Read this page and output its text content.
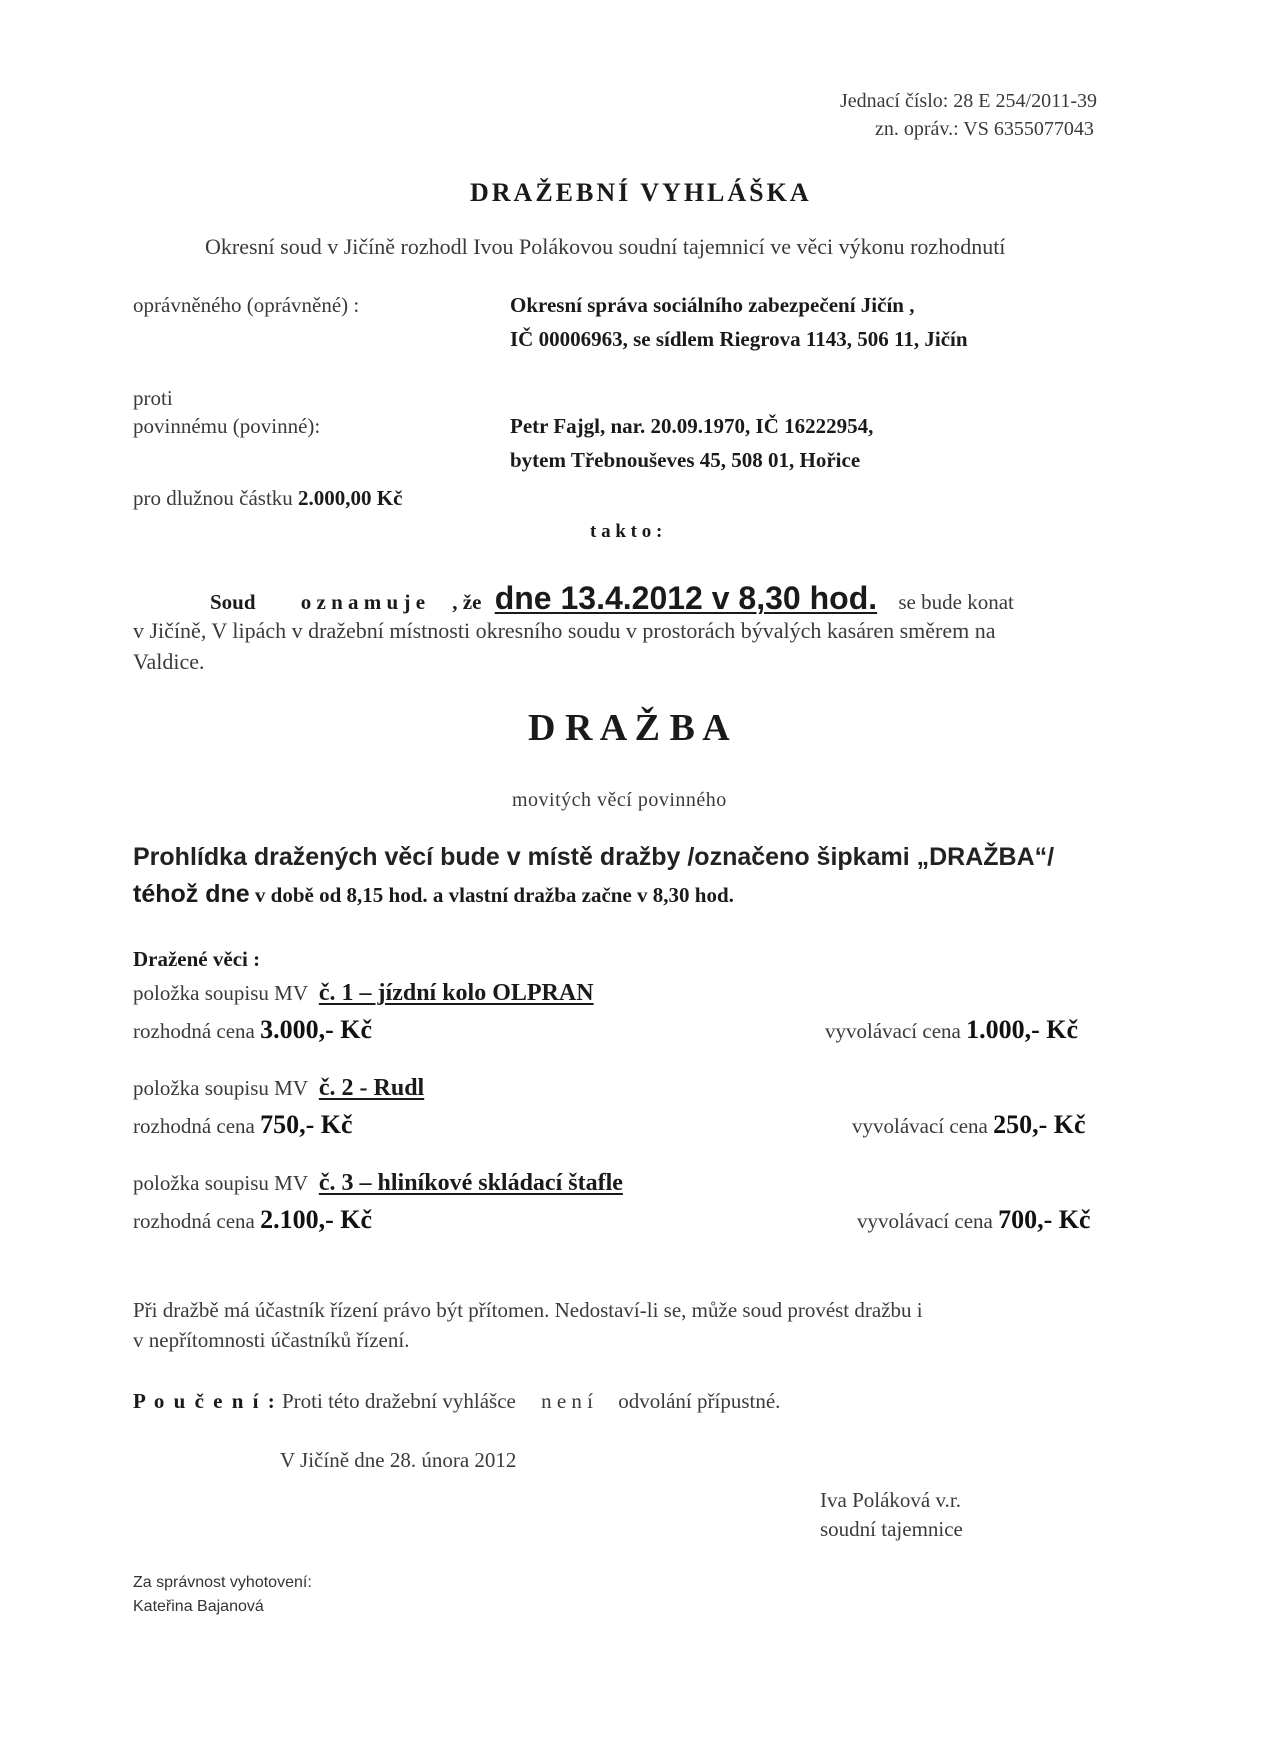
Jednací číslo: 28 E 254/2011-39
zn. opráv.: VS 6355077043
DRAŽEBNÍ VYHLÁŠKA
Okresní soud v Jičíně rozhodl Ivou Polákovou soudní tajemnicí ve věci výkonu rozhodnutí
oprávněného (oprávněné) :	Okresní správa sociálního zabezpečení Jičín ,
IČ 00006963, se sídlem Riegrova 1143, 506 11, Jičín
proti
povinnému (povinné):	Petr Fajgl, nar. 20.09.1970, IČ 16222954,
bytem Třebnouševes 45, 508 01, Hořice
pro dlužnou částku 2.000,00 Kč
t a k t o :
Soud o z n a m u j e , že dne 13.4.2012 v 8,30 hod. se bude konat
v Jičíně, V lipách v dražební místnosti okresního soudu v prostorách bývalých kasáren směrem na
Valdice.
D R A Ž B A
movitých věcí povinného
Prohlídka dražených věcí bude v místě dražby /označeno šipkami „DRAŽBA“/
téhož dne v době od 8,15 hod. a vlastní dražba začne v 8,30 hod.
Dražené věci :
položka soupisu MV č. 1 – jízdní kolo OLPRAN
rozhodná cena 3.000,- Kč	vyvolávací cena 1.000,- Kč
položka soupisu MV č. 2 - Rudl
rozhodná cena 750,- Kč	vyvolávací cena 250,- Kč
položka soupisu MV č. 3 – hliníkové skládací štafle
rozhodná cena 2.100,- Kč	vyvolávací cena 700,- Kč
Při dražbě má účastník řízení právo být přítomen. Nedostaví-li se, může soud provést dražbu i
v nepřítomnosti účastníků řízení.
P o u č e n í : Proti této dražební vyhlášce n e n í odvolání přípustné.
V Jičíně dne 28. února 2012
Iva Poláková v.r.
soudní tajemnice
Za správnost vyhotovení:
Kateřina Bajanová
